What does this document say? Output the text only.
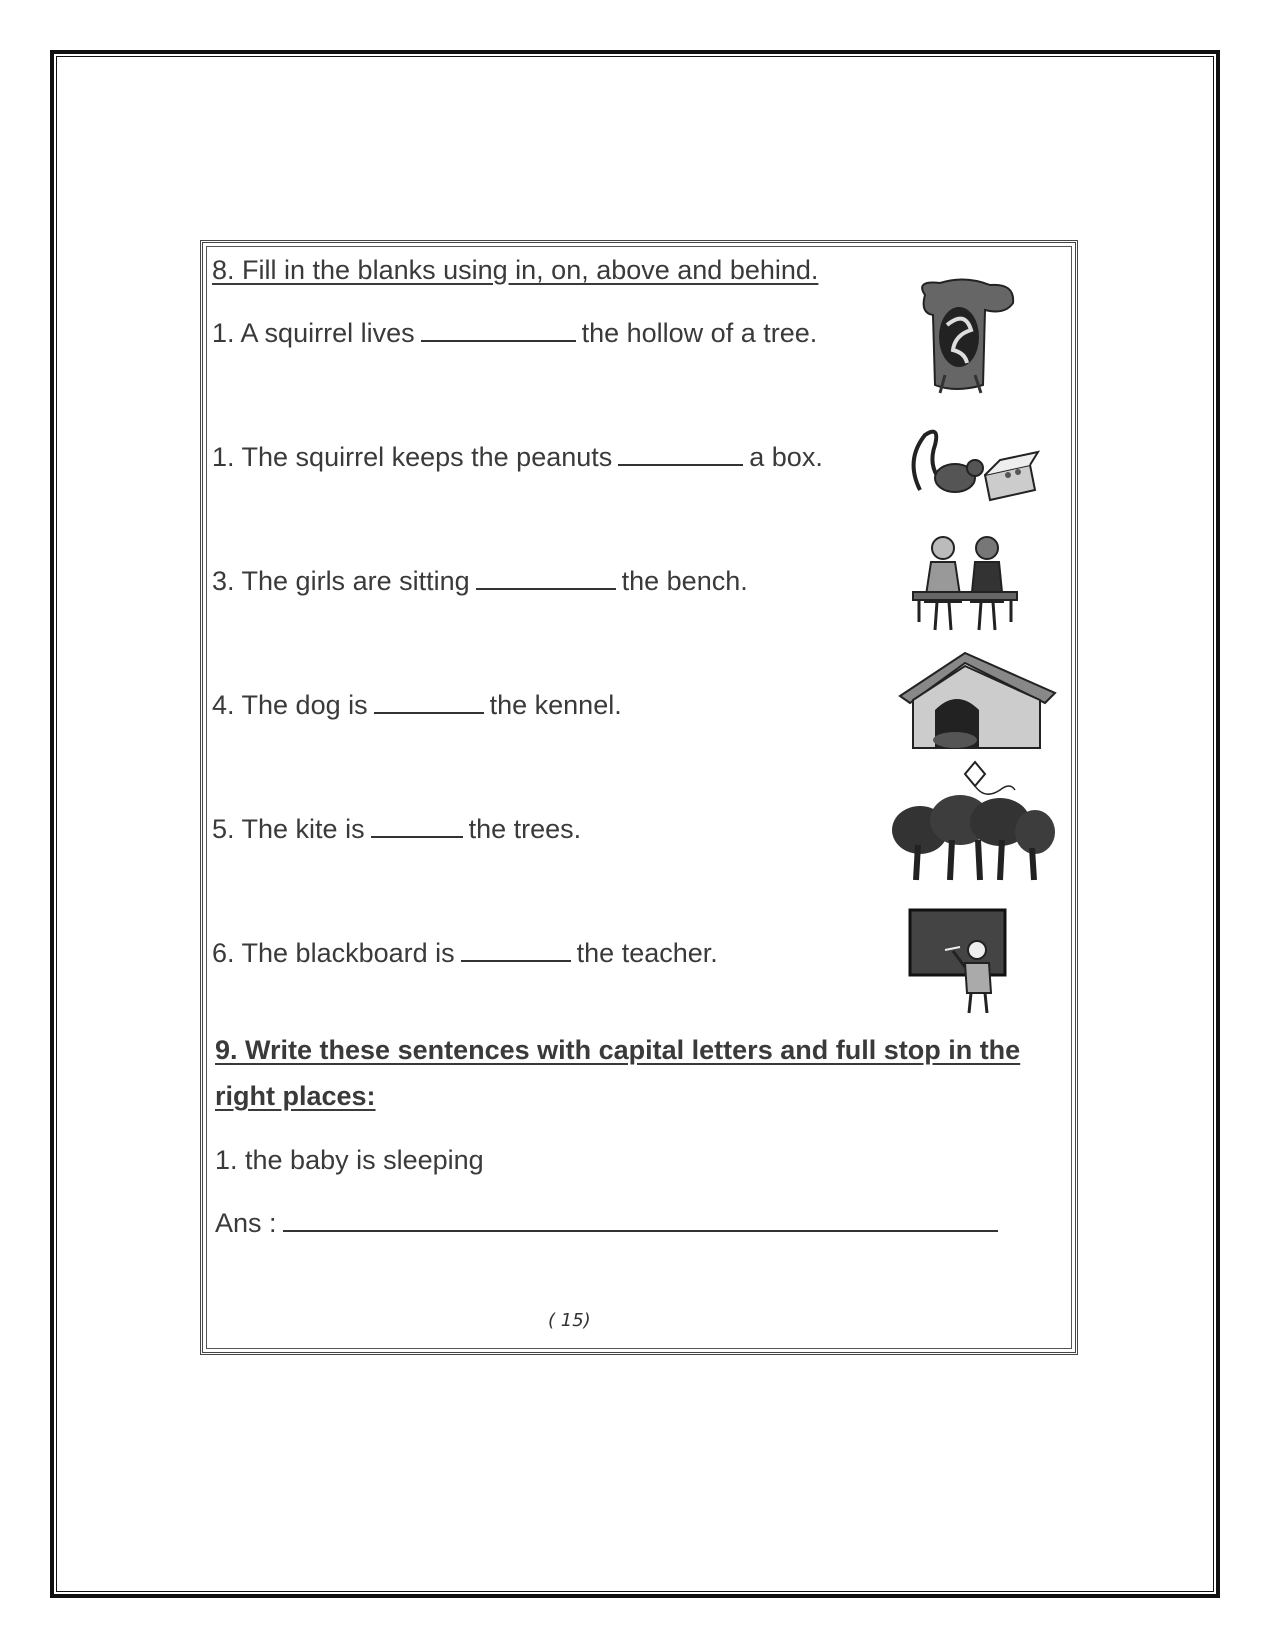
8. Fill in the blanks using in, on, above and behind.
1. A squirrel lives	the hollow of a tree.
1. The squirrel keeps the peanuts	a box.
3. The girls are sitting	the bench.
4. The dog is	the kennel.
5. The kite is	the trees.
6. The blackboard is	the teacher.
9. Write these sentences with capital letters and full stop in the
right places:
1. the baby is sleeping
Ans :
( 15)
